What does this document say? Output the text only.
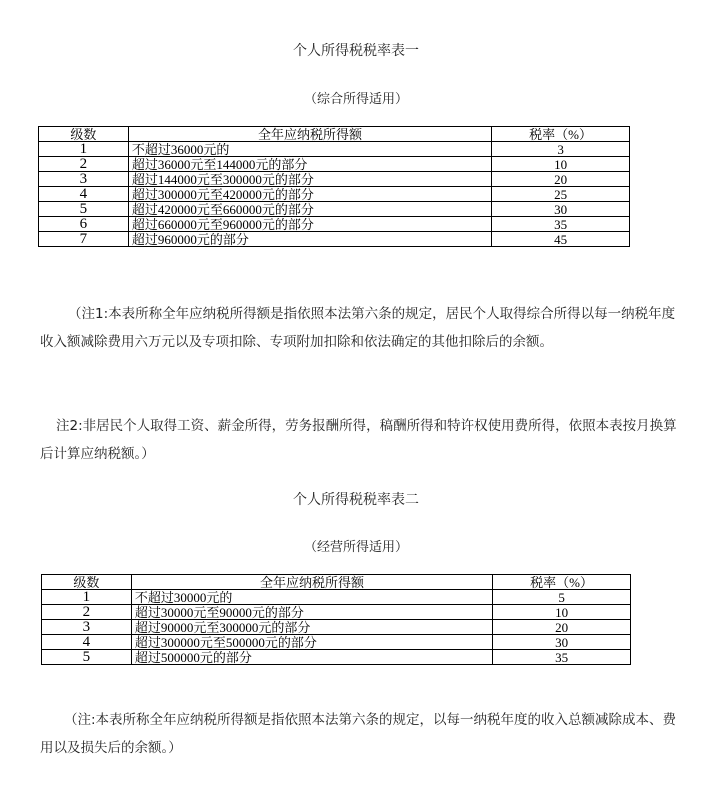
个人所得税税率表一
（综合所得适用）
级数	全年应纳税所得额	税率（%）
1	不超过36000元的	3
2	超过36000元至144000元的部分	10
3	超过144000元至300000元的部分	20
4	超过300000元至420000元的部分	25
5	超过420000元至660000元的部分	30
6	超过660000元至960000元的部分	35
7	超过960000元的部分	45
（注1:本表所称全年应纳税所得额是指依照本法第六条的规定，居民个人取得综合所得以每一纳税年度收入额减除费用六万元以及专项扣除、专项附加扣除和依法确定的其他扣除后的余额。
注2:非居民个人取得工资、薪金所得，劳务报酬所得，稿酬所得和特许权使用费所得，依照本表按月换算后计算应纳税额。）
个人所得税税率表二
（经营所得适用）
级数	全年应纳税所得额	税率（%）
1	不超过30000元的	5
2	超过30000元至90000元的部分	10
3	超过90000元至300000元的部分	20
4	超过300000元至500000元的部分	30
5	超过500000元的部分	35
（注:本表所称全年应纳税所得额是指依照本法第六条的规定，以每一纳税年度的收入总额减除成本、费用以及损失后的余额。）
